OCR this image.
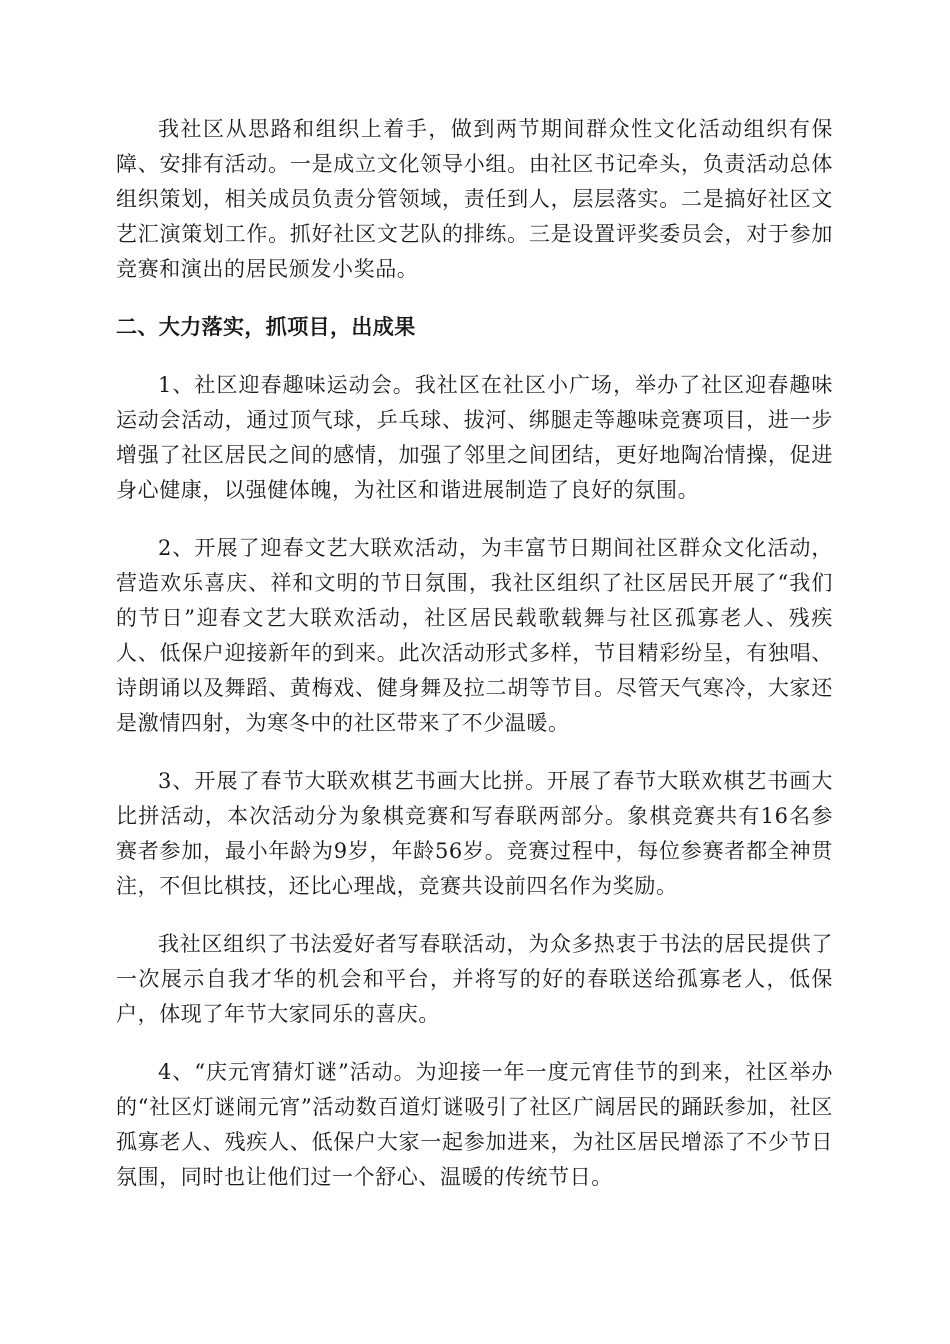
我社区从思路和组织上着手，做到两节期间群众性文化活动组织有保障、安排有活动。一是成立文化领导小组。由社区书记牵头，负责活动总体组织策划，相关成员负责分管领域，责任到人，层层落实。二是搞好社区文艺汇演策划工作。抓好社区文艺队的排练。三是设置评奖委员会，对于参加竞赛和演出的居民颁发小奖品。

二、大力落实，抓项目，出成果

1、社区迎春趣味运动会。我社区在社区小广场，举办了社区迎春趣味运动会活动，通过顶气球，乒乓球、拔河、绑腿走等趣味竞赛项目，进一步增强了社区居民之间的感情，加强了邻里之间团结，更好地陶冶情操，促进身心健康，以强健体魄，为社区和谐进展制造了良好的氛围。

2、开展了迎春文艺大联欢活动，为丰富节日期间社区群众文化活动，营造欢乐喜庆、祥和文明的节日氛围，我社区组织了社区居民开展了“我们的节日”迎春文艺大联欢活动，社区居民载歌载舞与社区孤寡老人、残疾人、低保户迎接新年的到来。此次活动形式多样，节目精彩纷呈，有独唱、诗朗诵以及舞蹈、黄梅戏、健身舞及拉二胡等节目。尽管天气寒冷，大家还是激情四射，为寒冬中的社区带来了不少温暖。

3、开展了春节大联欢棋艺书画大比拼。开展了春节大联欢棋艺书画大比拼活动，本次活动分为象棋竞赛和写春联两部分。象棋竞赛共有16名参赛者参加，最小年龄为9岁，年龄56岁。竞赛过程中，每位参赛者都全神贯注，不但比棋技，还比心理战，竞赛共设前四名作为奖励。

我社区组织了书法爱好者写春联活动，为众多热衷于书法的居民提供了一次展示自我才华的机会和平台，并将写的好的春联送给孤寡老人，低保户，体现了年节大家同乐的喜庆。

4、“庆元宵猜灯谜”活动。为迎接一年一度元宵佳节的到来，社区举办的“社区灯谜闹元宵”活动数百道灯谜吸引了社区广阔居民的踊跃参加，社区孤寡老人、残疾人、低保户大家一起参加进来，为社区居民增添了不少节日氛围，同时也让他们过一个舒心、温暖的传统节日。
